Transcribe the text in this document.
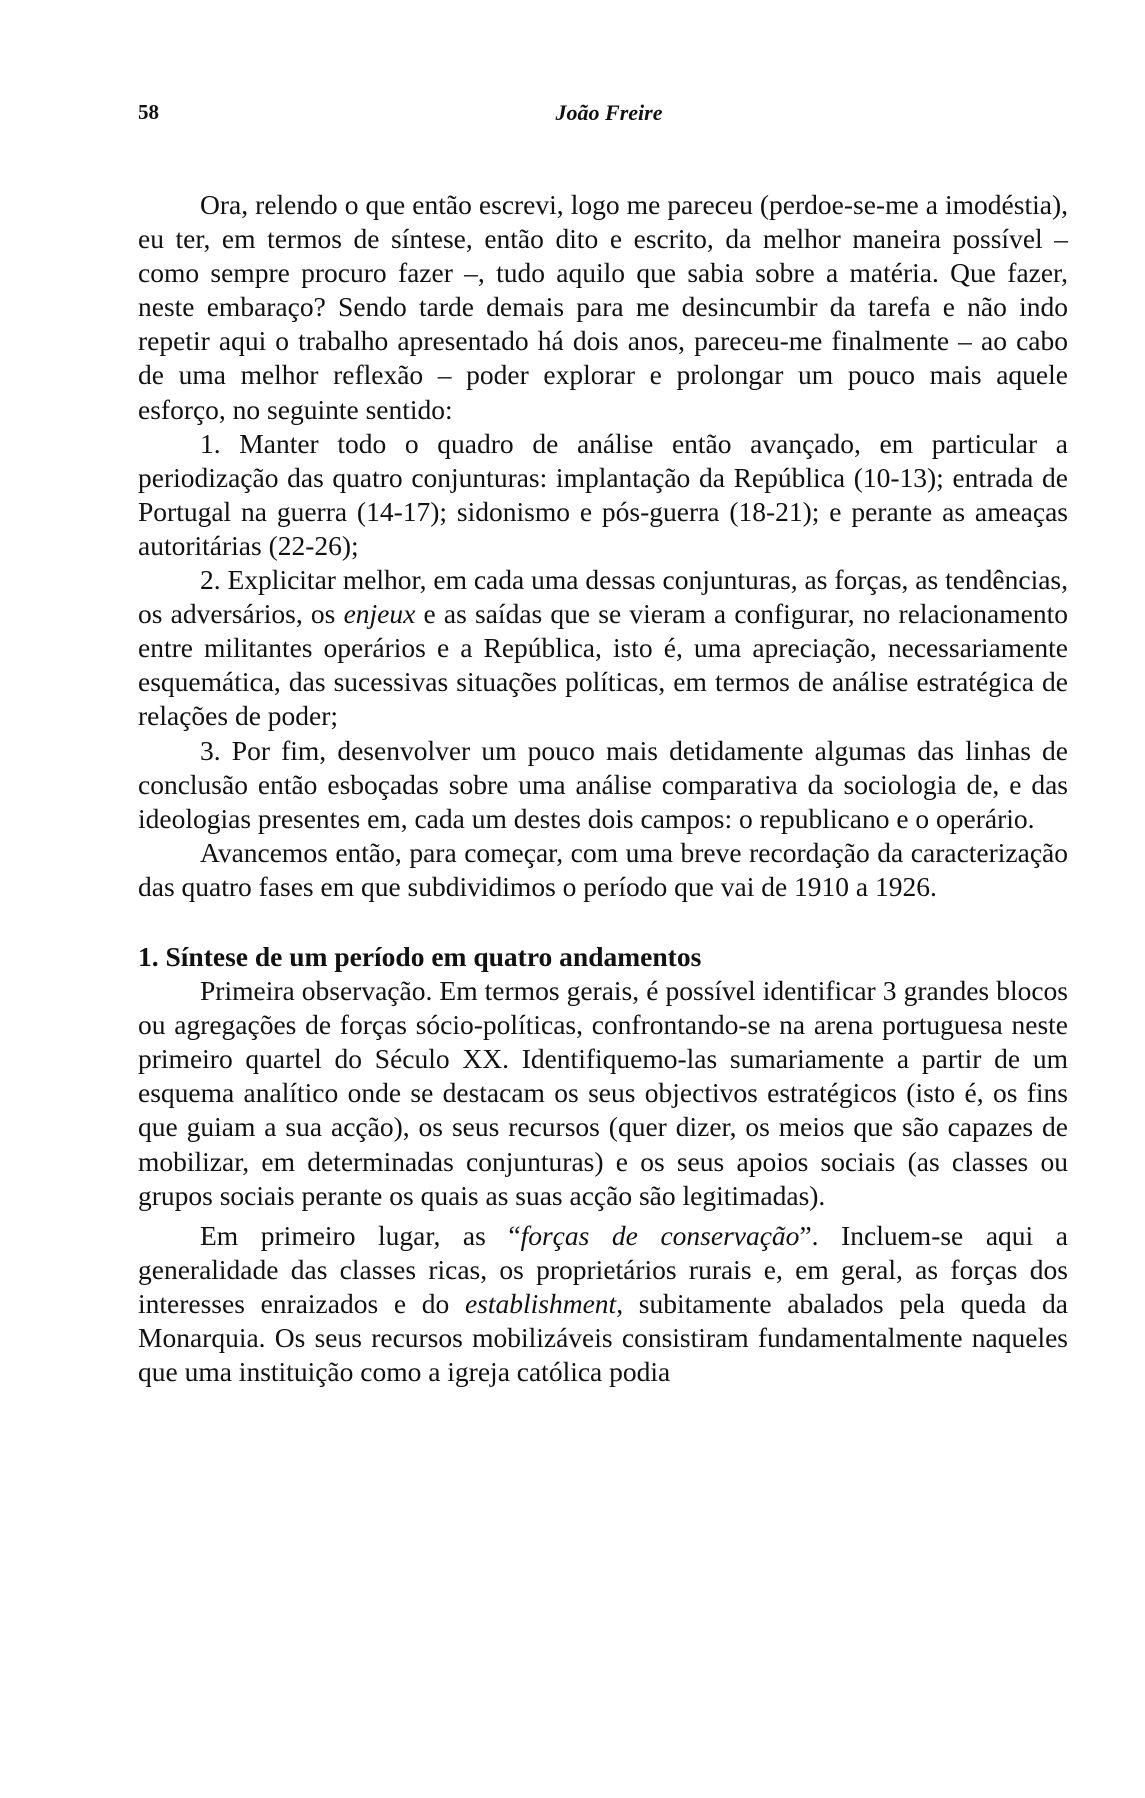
58	João Freire

Ora, relendo o que então escrevi, logo me pareceu (perdoe-se-me a imodéstia), eu ter, em termos de síntese, então dito e escrito, da melhor maneira possível – como sempre procuro fazer –, tudo aquilo que sabia sobre a matéria. Que fazer, neste embaraço? Sendo tarde demais para me desincumbir da tarefa e não indo repetir aqui o trabalho apresentado há dois anos, pareceu-me finalmente – ao cabo de uma melhor reflexão – poder explorar e prolongar um pouco mais aquele esforço, no seguinte sentido:

1. Manter todo o quadro de análise então avançado, em particular a periodização das quatro conjunturas: implantação da República (10-13); entrada de Portugal na guerra (14-17); sidonismo e pós-guerra (18-21); e perante as ameaças autoritárias (22-26);

2. Explicitar melhor, em cada uma dessas conjunturas, as forças, as tendências, os adversários, os enjeux e as saídas que se vieram a configurar, no relacionamento entre militantes operários e a República, isto é, uma apreciação, necessariamente esquemática, das sucessivas situações políticas, em termos de análise estratégica de relações de poder;

3. Por fim, desenvolver um pouco mais detidamente algumas das linhas de conclusão então esboçadas sobre uma análise comparativa da sociologia de, e das ideologias presentes em, cada um destes dois campos: o republicano e o operário.

Avancemos então, para começar, com uma breve recordação da caracterização das quatro fases em que subdividimos o período que vai de 1910 a 1926.

1. Síntese de um período em quatro andamentos

Primeira observação. Em termos gerais, é possível identificar 3 grandes blocos ou agregações de forças sócio-políticas, confrontando-se na arena portuguesa neste primeiro quartel do Século XX. Identifiquemo-las sumariamente a partir de um esquema analítico onde se destacam os seus objectivos estratégicos (isto é, os fins que guiam a sua acção), os seus recursos (quer dizer, os meios que são capazes de mobilizar, em determinadas conjunturas) e os seus apoios sociais (as classes ou grupos sociais perante os quais as suas acção são legitimadas).

Em primeiro lugar, as “forças de conservação”. Incluem-se aqui a generalidade das classes ricas, os proprietários rurais e, em geral, as forças dos interesses enraizados e do establishment, subitamente abalados pela queda da Monarquia. Os seus recursos mobilizáveis consistiram fundamentalmente naqueles que uma instituição como a igreja católica podia
